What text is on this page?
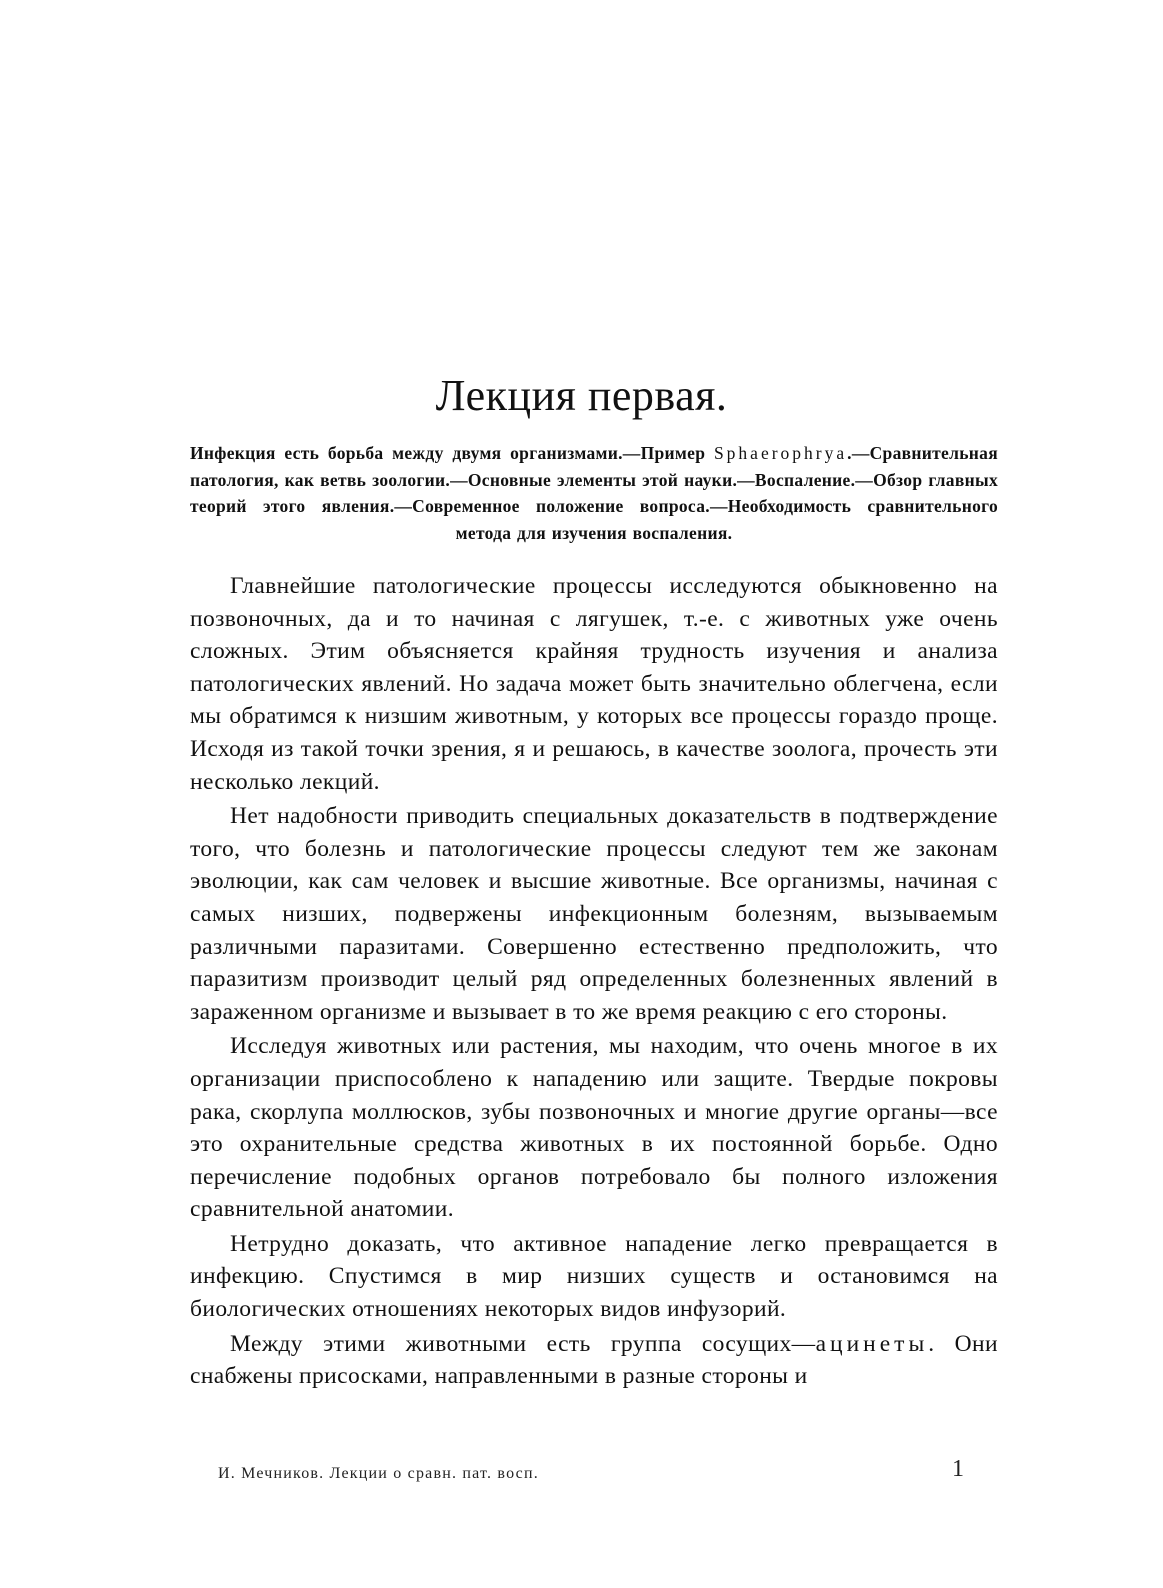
Лекция первая.

Инфекция есть борьба между двумя организмами.—Пример Sphaerophrya.—Сравнительная патология, как ветвь зоологии.—Основные элементы этой науки.—Воспаление.—Обзор главных теорий этого явления.—Современное положение вопроса.—Необходимость сравнительного метода для изучения воспаления.

Главнейшие патологические процессы исследуются обыкновенно на позвоночных, да и то начиная с лягушек, т.-е. с животных уже очень сложных. Этим объясняется крайняя трудность изучения и анализа патологических явлений. Но задача может быть значительно облегчена, если мы обратимся к низшим животным, у которых все процессы гораздо проще. Исходя из такой точки зрения, я и решаюсь, в качестве зоолога, прочесть эти несколько лекций.

Нет надобности приводить специальных доказательств в подтверждение того, что болезнь и патологические процессы следуют тем же законам эволюции, как сам человек и высшие животные. Все организмы, начиная с самых низших, подвержены инфекционным болезням, вызываемым различными паразитами. Совершенно естественно предположить, что паразитизм производит целый ряд определенных болезненных явлений в зараженном организме и вызывает в то же время реакцию с его стороны.

Исследуя животных или растения, мы находим, что очень многое в их организации приспособлено к нападению или защите. Твердые покровы рака, скорлупа моллюсков, зубы позвоночных и многие другие органы—все это охранительные средства животных в их постоянной борьбе. Одно перечисление подобных органов потребовало бы полного изложения сравнительной анатомии.

Нетрудно доказать, что активное нападение легко превращается в инфекцию. Спустимся в мир низших существ и остановимся на биологических отношениях некоторых видов инфузорий.

Между этими животными есть группа сосущих—ацинеты. Они снабжены присосками, направленными в разные стороны и

И. Мечников. Лекции о сравн. пат. восп.	1
